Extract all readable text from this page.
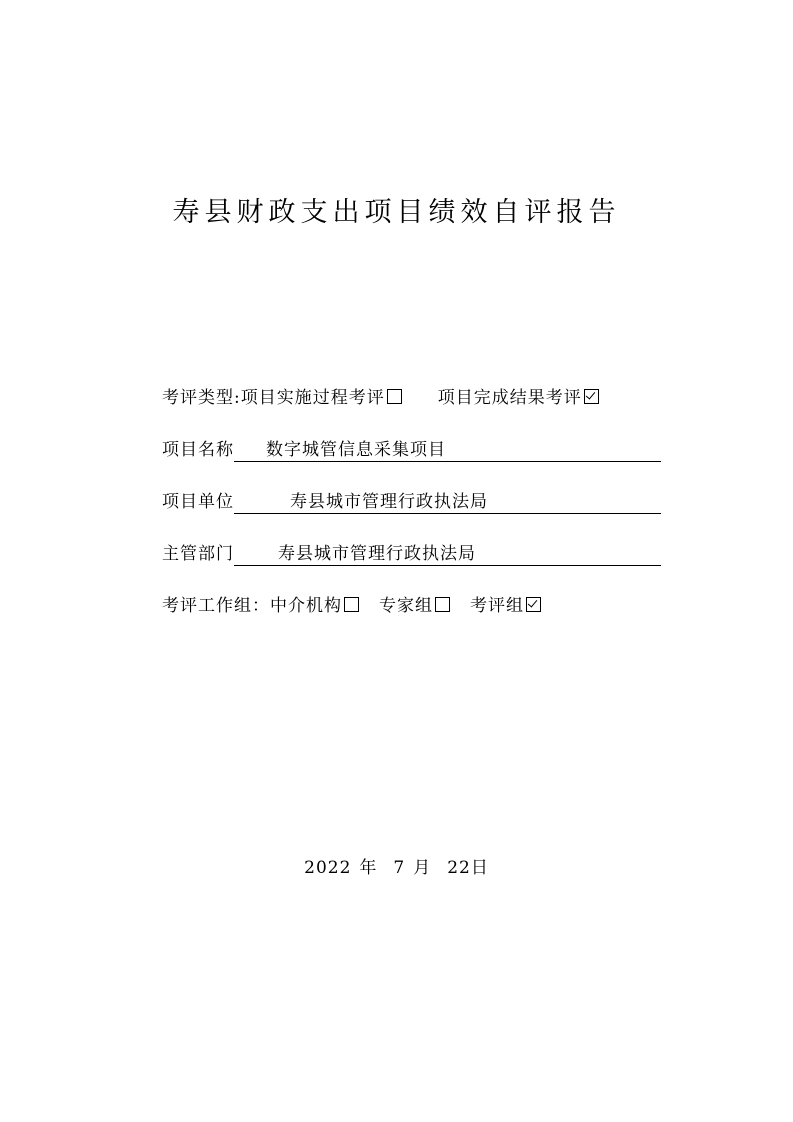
寿县财政支出项目绩效自评报告
考评类型:项目实施过程考评	项目完成结果考评
项目名称 数字城管信息采集项目
项目单位	寿县城市管理行政执法局
主管部门	寿县城市管理行政执法局
考评工作组：中介机构 专家组 考评组
2022 年 7 月 22日
